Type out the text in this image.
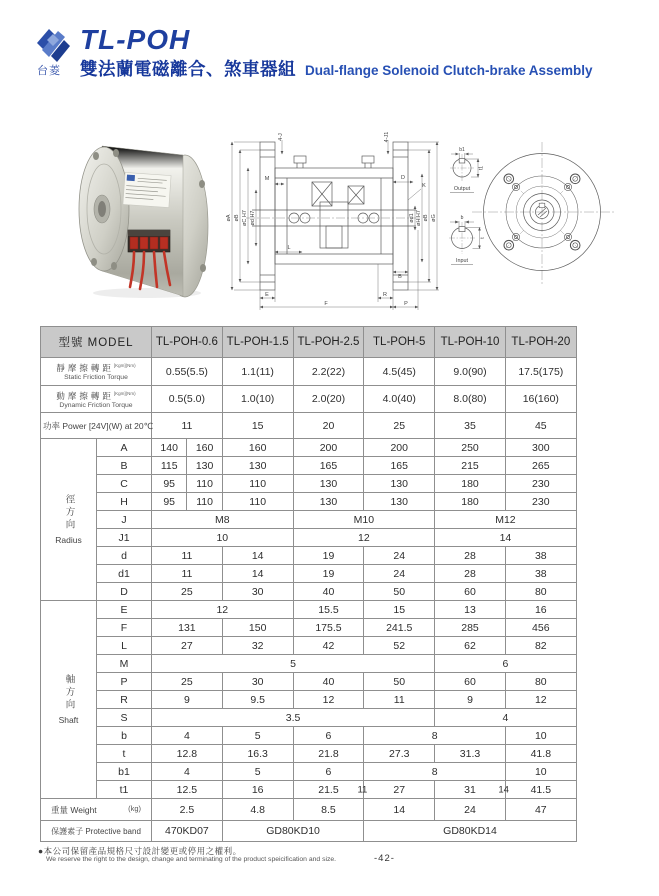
台菱
TL-POH
雙法蘭電磁離合、煞車器組 Dual-flange Solenoid Clutch-brake Assembly
4-J	4-J1
øA øB øC H7 ød H7
M
L
E
F
R
P
D
K
B
ød1 øH H7 øB øG
b1
t1
Output
b
t
Input
型號 MODEL		TL-POH-0.6		TL-POH-1.5	TL-POH-2.5	TL-POH-5	TL-POH-10	TL-POH-20

靜摩擦轉距$^{[Kgm](Nm)}$
Static Friction Torque		0.55(5.5)		1.1(11)	2.2(22)	4.5(45)	9.0(90)	17.5(175)

動摩擦轉距$^{[Kgm](Nm)}$
Dynamic Friction Torque		0.5(5.0)		1.0(10)	2.0(20)	4.0(40)	8.0(80)	16(160)

功率 Power [24V](W) at 20℃		11		15	20	25	35	45

徑方向
Radius	A	140	160	160	200	200	250	300
	B	115	130	130	165	165	215	265
	C	95	110	110	130	130	180	230
	H	95	110	110	130	130	180	230
	J	M8			M10		M12	
	J1	10			12		14	
	d	11		14	19	24	28	38
	d1	11		14	19	24	28	38
	D	25		30	40	50	60	80

軸方向
Shaft	E	12			15.5	15	13	16
	F	131		150	175.5	241.5	285	456
	L	27		32	42	52	62	82
	M	5					6	
	P	25		30	40	50	60	80
	R	9		9.5	12	11	9	12
	S	3.5					4	
	b	4		5	6	8		10
	t	12.8		16.3	21.8	27.3	31.3	41.8
	b1	4		5	6	8		10
	t1	12.5		16	21.5 11	27	31 14	41.5

重量 Weight (kg)		2.5		4.8	8.5	14	24	47

保護素子 Protective band		470KD07		GD80KD10		GD80KD14		
●本公司保留產品規格尺寸設計變更或停用之權利。
We reserve the right to the design, change and terminating of the product speicification and size.	-42-
